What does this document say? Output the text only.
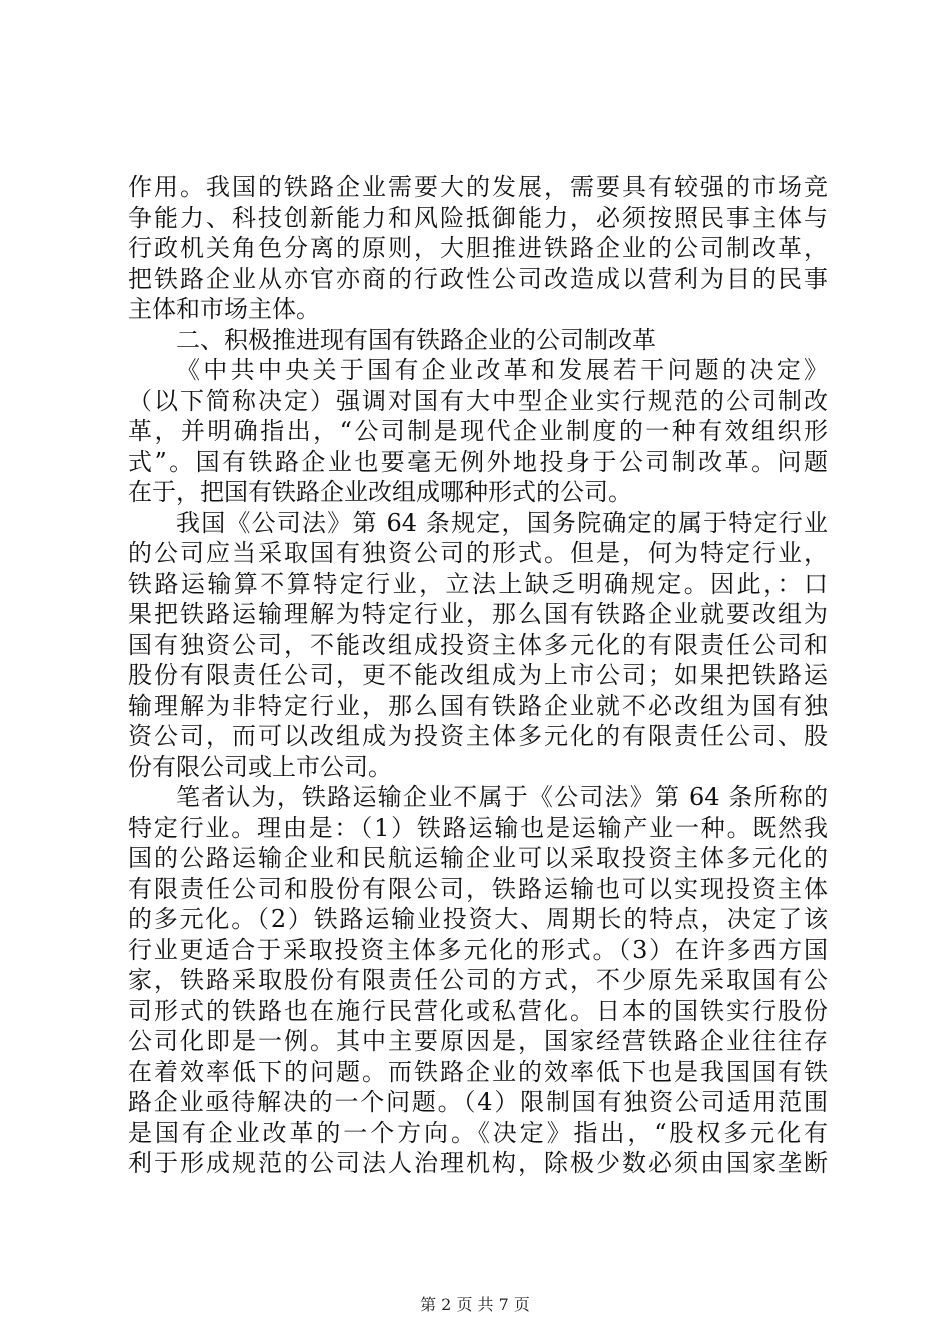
作用。我国的铁路企业需要大的发展，需要具有较强的市场竞
争能力、科技创新能力和风险抵御能力，必须按照民事主体与
行政机关角色分离的原则，大胆推进铁路企业的公司制改革，
把铁路企业从亦官亦商的行政性公司改造成以营利为目的民事
主体和市场主体。
二、积极推进现有国有铁路企业的公司制改革
《中共中央关于国有企业改革和发展若干问题的决定》
（以下简称决定）强调对国有大中型企业实行规范的公司制改
革，并明确指出，“公司制是现代企业制度的一种有效组织形
式”。国有铁路企业也要毫无例外地投身于公司制改革。问题
在于，把国有铁路企业改组成哪种形式的公司。
我国《公司法》第 64 条规定，国务院确定的属于特定行业
的公司应当采取国有独资公司的形式。但是，何为特定行业，
铁路运输算不算特定行业，立法上缺乏明确规定。因此，：口
果把铁路运输理解为特定行业，那么国有铁路企业就要改组为
国有独资公司，不能改组成投资主体多元化的有限责任公司和
股份有限责任公司，更不能改组成为上市公司；如果把铁路运
输理解为非特定行业，那么国有铁路企业就不必改组为国有独
资公司，而可以改组成为投资主体多元化的有限责任公司、股
份有限公司或上市公司。
笔者认为，铁路运输企业不属于《公司法》第 64 条所称的
特定行业。理由是：（1）铁路运输也是运输产业一种。既然我
国的公路运输企业和民航运输企业可以采取投资主体多元化的
有限责任公司和股份有限公司，铁路运输也可以实现投资主体
的多元化。（2）铁路运输业投资大、周期长的特点，决定了该
行业更适合于采取投资主体多元化的形式。（3）在许多西方国
家，铁路采取股份有限责任公司的方式，不少原先采取国有公
司形式的铁路也在施行民营化或私营化。日本的国铁实行股份
公司化即是一例。其中主要原因是，国家经营铁路企业往往存
在着效率低下的问题。而铁路企业的效率低下也是我国国有铁
路企业亟待解决的一个问题。（4）限制国有独资公司适用范围
是国有企业改革的一个方向。《决定》指出，“股权多元化有
利于形成规范的公司法人治理机构，除极少数必须由国家垄断
第 2 页 共 7 页
